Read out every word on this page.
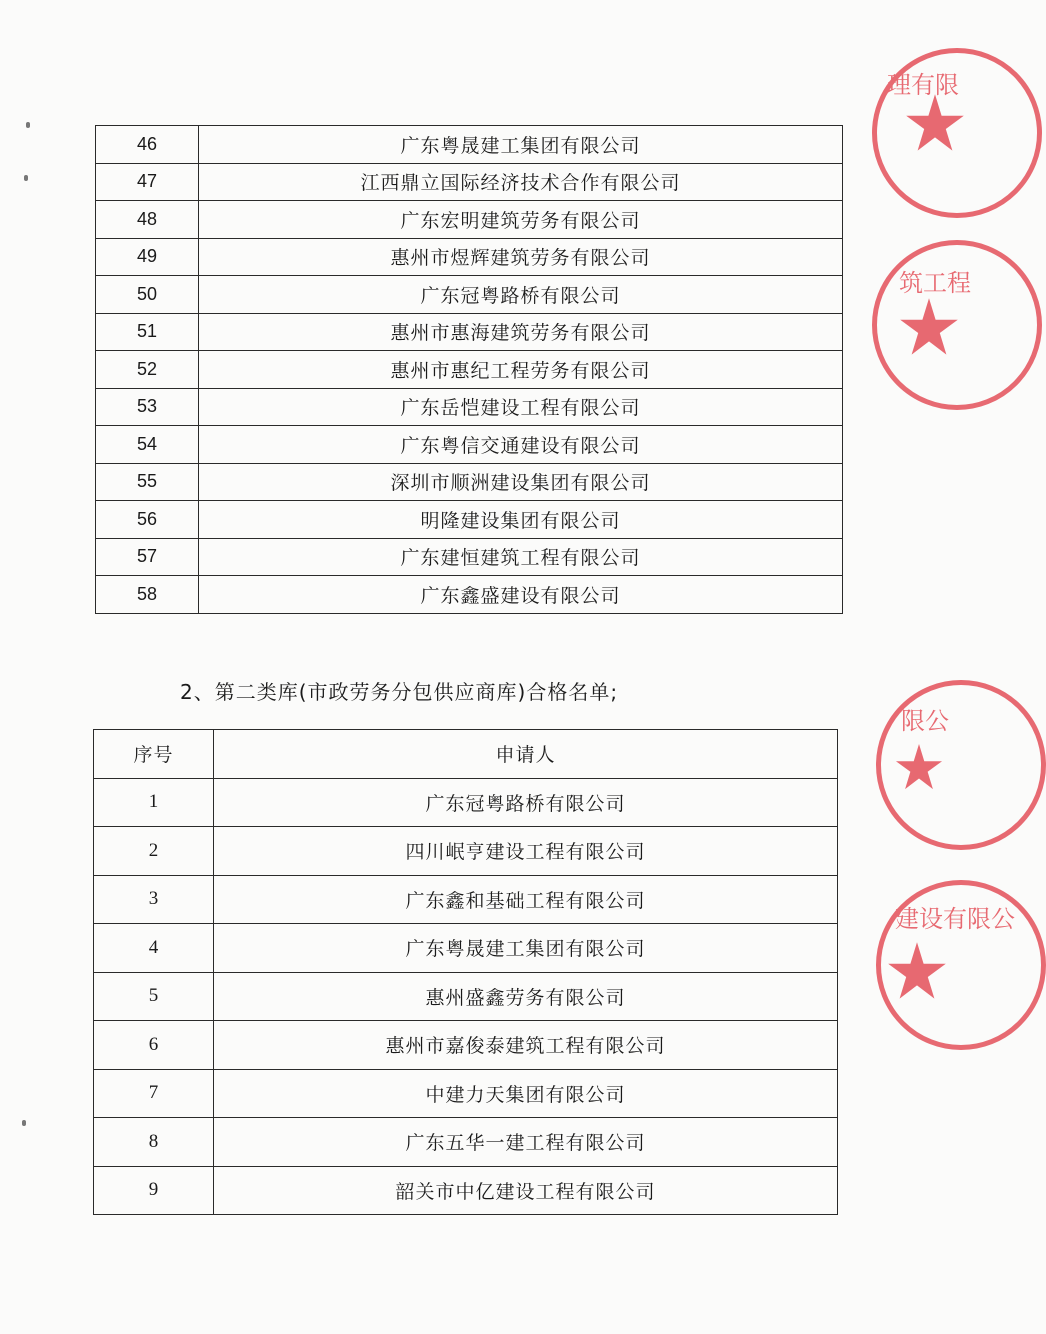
46	广东粤晟建工集团有限公司
47	江西鼎立国际经济技术合作有限公司
48	广东宏明建筑劳务有限公司
49	惠州市煜辉建筑劳务有限公司
50	广东冠粤路桥有限公司
51	惠州市惠海建筑劳务有限公司
52	惠州市惠纪工程劳务有限公司
53	广东岳恺建设工程有限公司
54	广东粤信交通建设有限公司
55	深圳市顺洲建设集团有限公司
56	明隆建设集团有限公司
57	广东建恒建筑工程有限公司
58	广东鑫盛建设有限公司
2、第二类库(市政劳务分包供应商库)合格名单;
序号	申请人
1	广东冠粤路桥有限公司
2	四川岷亨建设工程有限公司
3	广东鑫和基础工程有限公司
4	广东粤晟建工集团有限公司
5	惠州盛鑫劳务有限公司
6	惠州市嘉俊泰建筑工程有限公司
7	中建力天集团有限公司
8	广东五华一建工程有限公司
9	韶关市中亿建设工程有限公司
理有限
筑工程
限公
建设有限公
